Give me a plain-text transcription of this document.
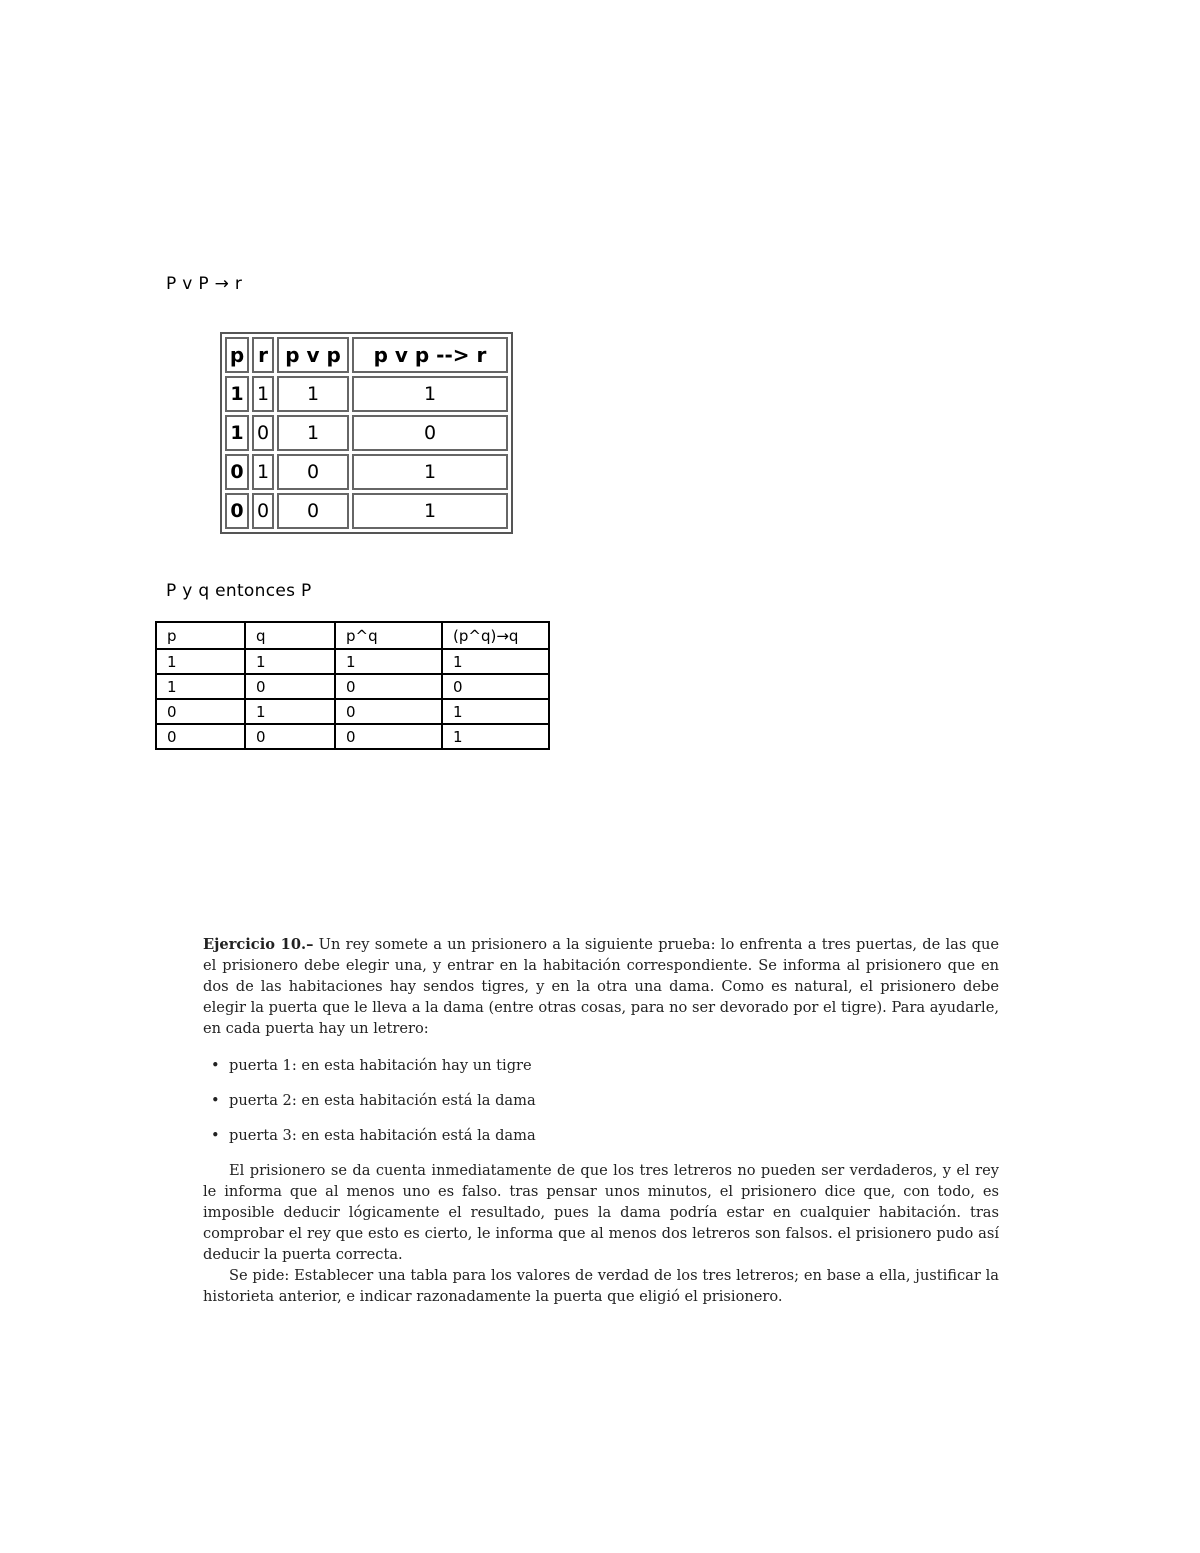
P v P → r
p	r	p v p	p v p --> r
1	1	1	1
1	0	1	0
0	1	0	1
0	0	0	1
P y q entonces P
p	q	p^q	(p^q)→q
1	1	1	1
1	0	0	0
0	1	0	1
0	0	0	1

Ejercicio 10.– Un rey somete a un prisionero a la siguiente prueba: lo enfrenta a tres puertas, de las que el prisionero debe elegir una, y entrar en la habitación correspondiente. Se informa al prisionero que en dos de las habitaciones hay sendos tigres, y en la otra una dama. Como es natural, el prisionero debe elegir la puerta que le lleva a la dama (entre otras cosas, para no ser devorado por el tigre). Para ayudarle, en cada puerta hay un letrero:

• puerta 1: en esta habitación hay un tigre
• puerta 2: en esta habitación está la dama
• puerta 3: en esta habitación está la dama

El prisionero se da cuenta inmediatamente de que los tres letreros no pueden ser verdaderos, y el rey le informa que al menos uno es falso. tras pensar unos minutos, el prisionero dice que, con todo, es imposible deducir lógicamente el resultado, pues la dama podría estar en cualquier habitación. tras comprobar el rey que esto es cierto, le informa que al menos dos letreros son falsos. el prisionero pudo así deducir la puerta correcta.

Se pide: Establecer una tabla para los valores de verdad de los tres letreros; en base a ella, justificar la historieta anterior, e indicar razonadamente la puerta que eligió el prisionero.
